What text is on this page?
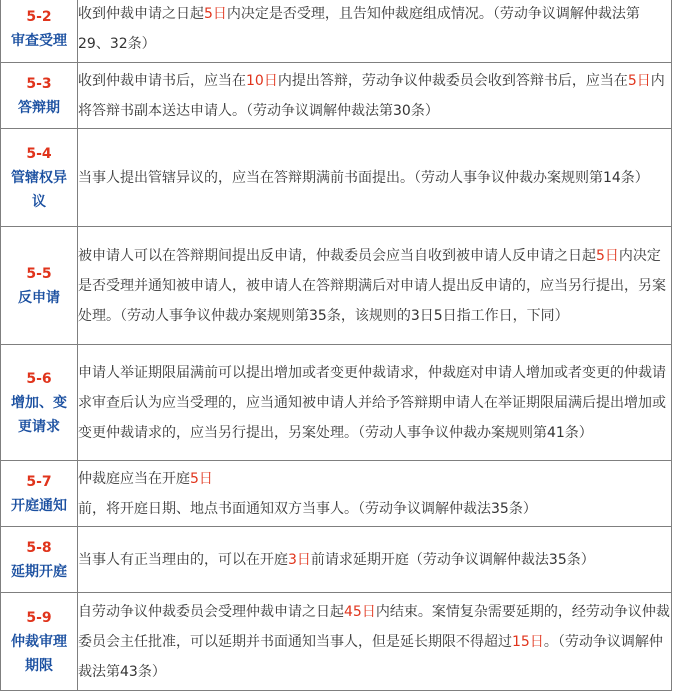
5-2
审查受理	收到仲裁申请之日起5日内决定是否受理，且告知仲裁庭组成情况。（劳动争议调解仲裁法第29、32条）

5-3
答辩期	收到仲裁申请书后，应当在10日内提出答辩，劳动争议仲裁委员会收到答辩书后，应当在5日内将答辩书副本送达申请人。（劳动争议调解仲裁法第30条）

5-4
管辖权异议	当事人提出管辖异议的，应当在答辩期满前书面提出。（劳动人事争议仲裁办案规则第14条）

5-5
反申请	被申请人可以在答辩期间提出反申请，仲裁委员会应当自收到被申请人反申请之日起5日内决定是否受理并通知被申请人，被申请人在答辩期满后对申请人提出反申请的，应当另行提出，另案处理。（劳动人事争议仲裁办案规则第35条，该规则的3日5日指工作日，下同）

5-6
增加、变更请求	申请人举证期限届满前可以提出增加或者变更仲裁请求，仲裁庭对申请人增加或者变更的仲裁请求审查后认为应当受理的，应当通知被申请人并给予答辩期申请人在举证期限届满后提出增加或变更仲裁请求的，应当另行提出，另案处理。（劳动人事争议仲裁办案规则第41条）

5-7
开庭通知	仲裁庭应当在开庭5日前，将开庭日期、地点书面通知双方当事人。（劳动争议调解仲裁法35条）

5-8
延期开庭	当事人有正当理由的，可以在开庭3日前请求延期开庭（劳动争议调解仲裁法35条）

5-9
仲裁审理期限	自劳动争议仲裁委员会受理仲裁申请之日起45日内结束。案情复杂需要延期的，经劳动争议仲裁委员会主任批准，可以延期并书面通知当事人，但是延长期限不得超过15日。（劳动争议调解仲裁法第43条）
